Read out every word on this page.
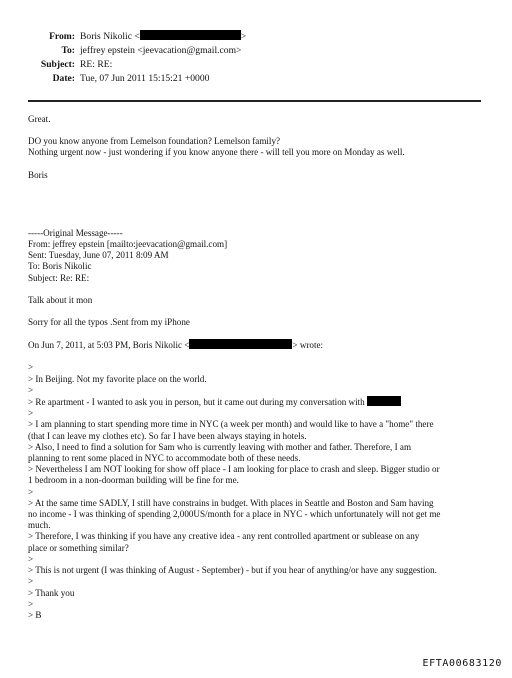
From: Boris Nikolic <	>
To: jeffrey epstein <jeevacation@gmail.com>
Subject: RE: RE:
Date: Tue, 07 Jun 2011 15:15:21 +0000

Great.

DO you know anyone from Lemelson foundation? Lemelson family?

Nothing urgent now - just wondering if you know anyone there - will tell you more on Monday as well.

Boris

-----Original Message-----

From: jeffrey epstein [mailto:jeevacation@gmail.com]

Sent: Tuesday, June 07, 2011 8:09 AM

To: Boris Nikolic

Subject: Re: RE:

Talk about it mon

Sorry for all the typos .Sent from my iPhone

On Jun 7, 2011, at 5:03 PM, Boris Nikolic <	> wrote:

>

> In Beijing. Not my favorite place on the world.

>

> Re apartment - I wanted to ask you in person, but it came out during my conversation with

>

> I am planning to start spending more time in NYC (a week per month) and would like to have a "home" there

(that I can leave my clothes etc). So far I have been always staying in hotels.

> Also, I need to find a solution for Sam who is currently leaving with mother and father. Therefore, I am

planning to rent some placed in NYC to accommodate both of these needs.

> Nevertheless I am NOT looking for show off place - I am looking for place to crash and sleep. Bigger studio or

1 bedroom in a non-doorman building will be fine for me.

>

> At the same time SADLY, I still have constrains in budget. With places in Seattle and Boston and Sam having

no income - I was thinking of spending 2,000US/month for a place in NYC - which unfortunately will not get me

much.

> Therefore, I was thinking if you have any creative idea - any rent controlled apartment or sublease on any

place or something similar?

>

> This is not urgent (I was thinking of August - September) - but if you hear of anything/or have any suggestion.

>

> Thank you

>

> B

EFTA00683120
